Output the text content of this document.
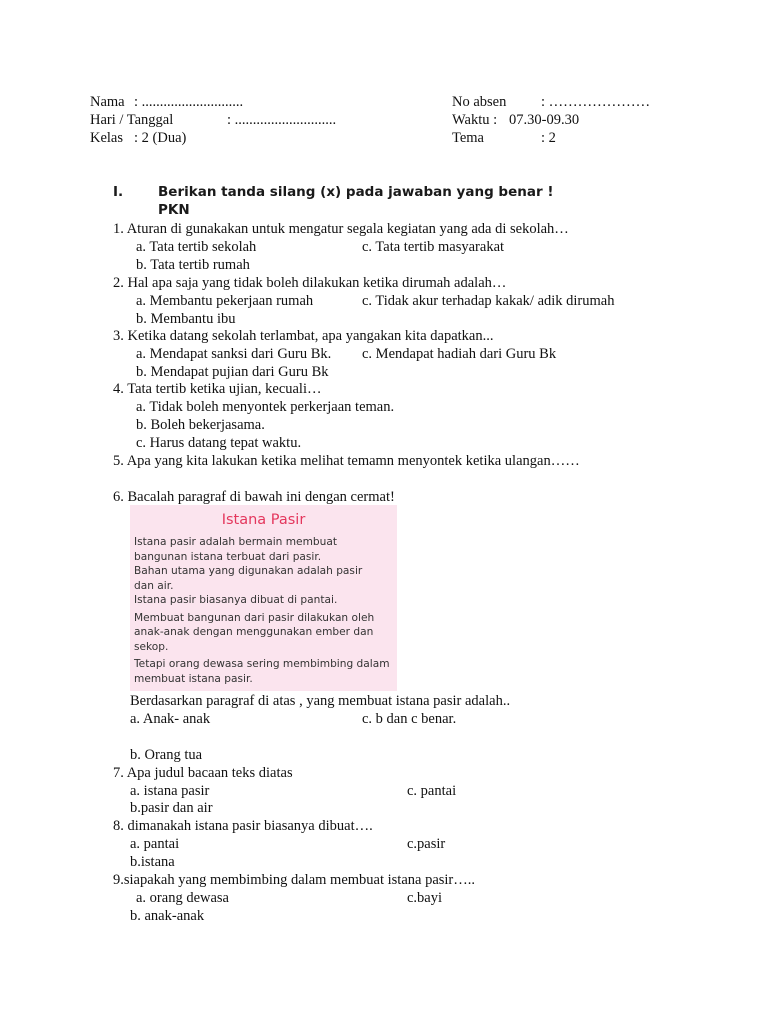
Nama : ............................
Hari / Tanggal	: ............................
Kelas : 2 (Dua)
No absen : …………………
Waktu : 07.30-09.30
Tema	: 2
I.	Berikan tanda silang (x) pada jawaban yang benar !
PKN
1. Aturan di gunakakan untuk mengatur segala kegiatan yang ada di sekolah…
a. Tata tertib sekolah	c. Tata tertib masyarakat
b. Tata tertib rumah
2. Hal apa saja yang tidak boleh dilakukan ketika dirumah adalah…
a. Membantu pekerjaan rumah	c. Tidak akur terhadap kakak/ adik dirumah
b. Membantu ibu
3. Ketika datang sekolah terlambat, apa yangakan kita dapatkan...
a. Mendapat sanksi dari Guru Bk. c. Mendapat hadiah dari Guru Bk
b. Mendapat pujian dari Guru Bk
4. Tata tertib ketika ujian, kecuali…
a. Tidak boleh menyontek perkerjaan teman.
b. Boleh bekerjasama.
c. Harus datang tepat waktu.
5. Apa yang kita lakukan ketika melihat temamn menyontek ketika ulangan……
6. Bacalah paragraf di bawah ini dengan cermat!
Istana Pasir

Istana pasir adalah bermain membuat
bangunan istana terbuat dari pasir.
Bahan utama yang digunakan adalah pasir
dan air.
Istana pasir biasanya dibuat di pantai.

Membuat bangunan dari pasir dilakukan oleh
anak-anak dengan menggunakan ember dan
sekop.

Tetapi orang dewasa sering membimbing dalam
membuat istana pasir.

Berdasarkan paragraf di atas , yang membuat istana pasir adalah..
a. Anak- anak	c. b dan c benar.
b. Orang tua
7. Apa judul bacaan teks diatas
a. istana pasir	c. pantai
b.pasir dan air
8. dimanakah istana pasir biasanya dibuat….
a. pantai	c.pasir
b.istana
9.siapakah yang membimbing dalam membuat istana pasir…..
a. orang dewasa	c.bayi
b. anak-anak
